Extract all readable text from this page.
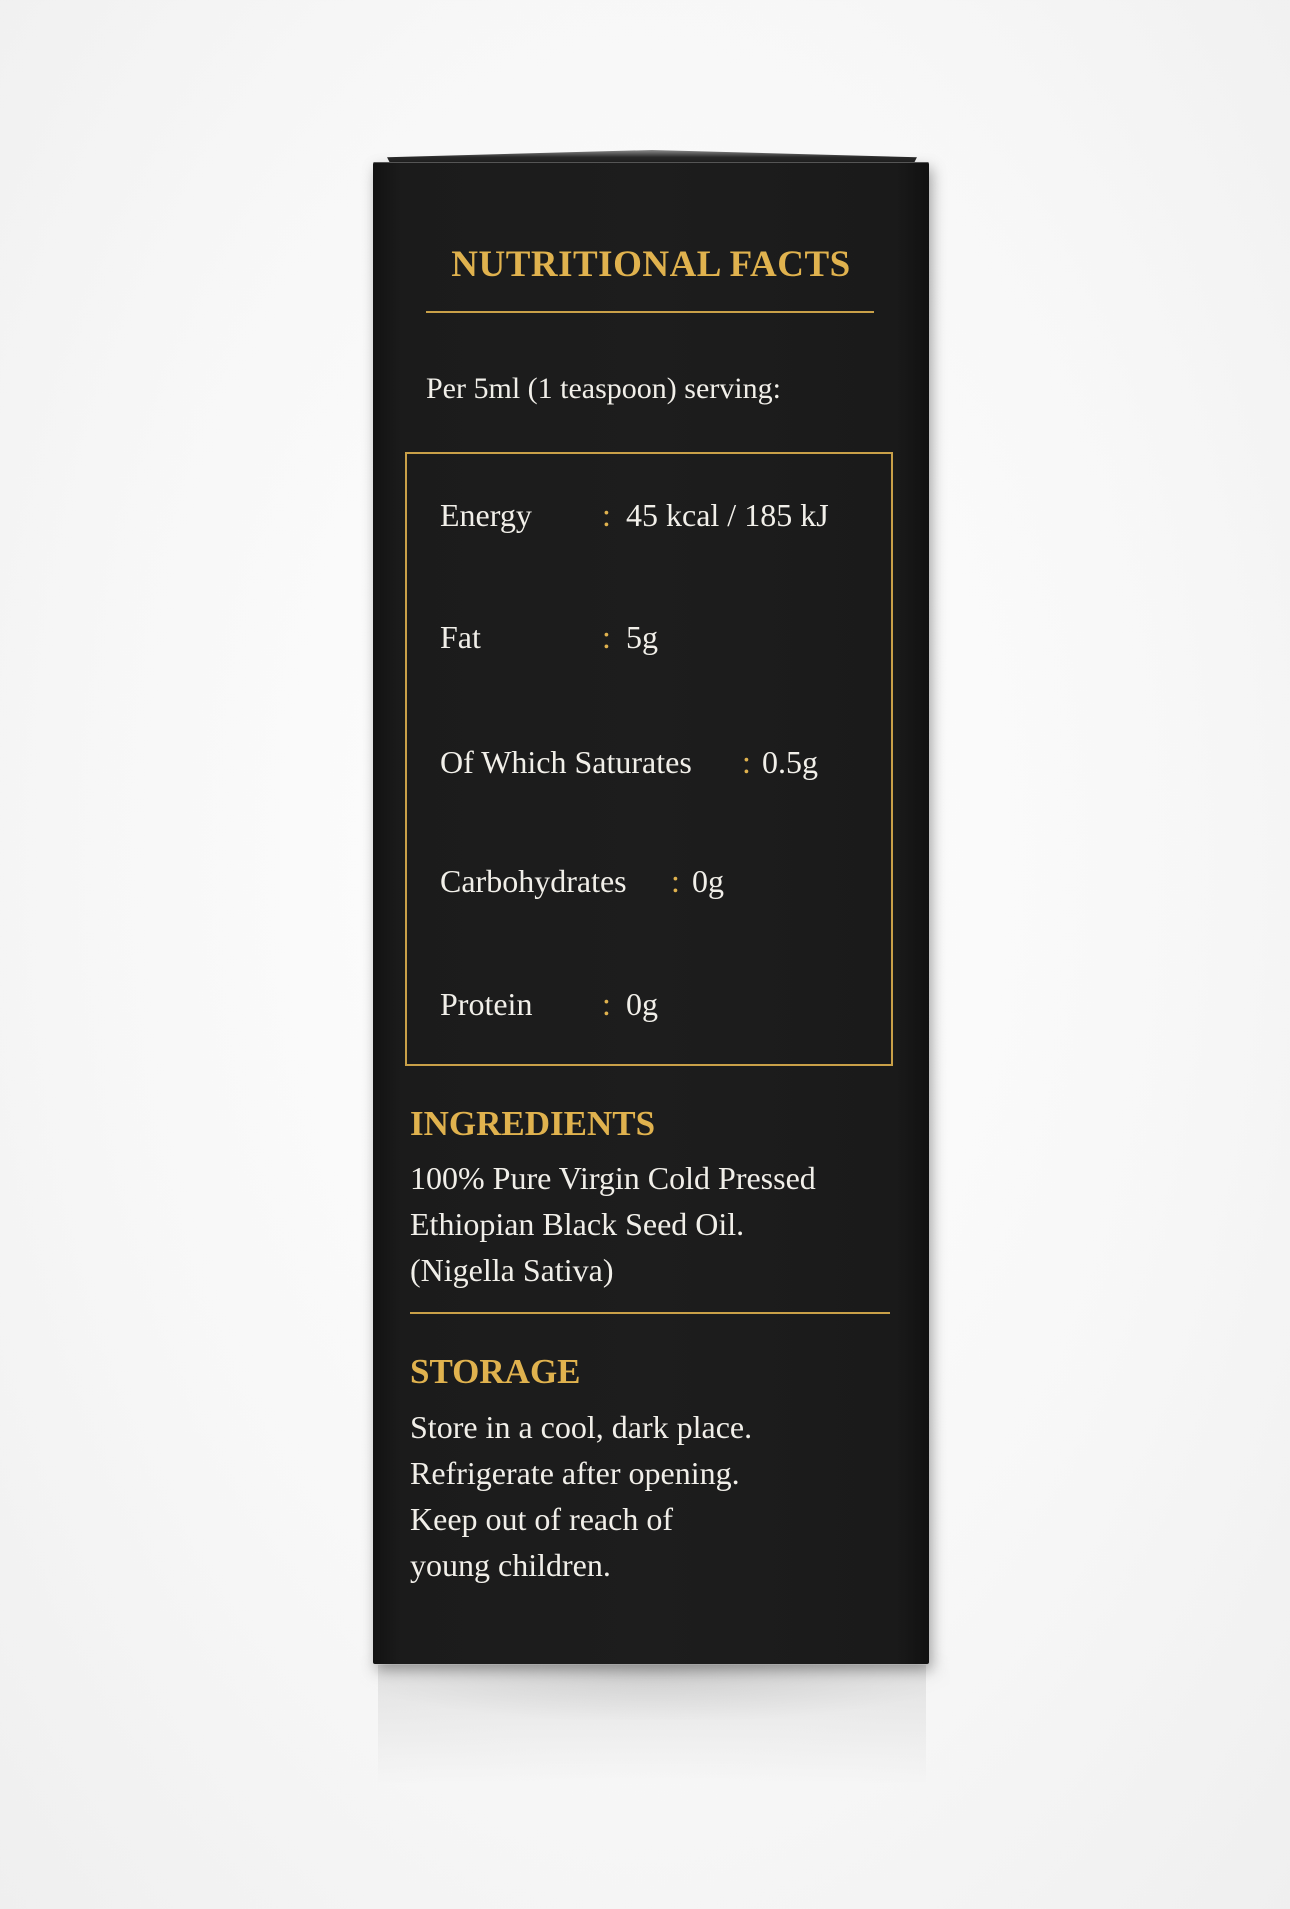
NUTRITIONAL FACTS
Per 5ml (1 teaspoon) serving:
Energy : 45 kcal / 185 kJ
Fat	: 5g
Of Which Saturates : 0.5g
Carbohydrates : 0g
Protein : 0g
INGREDIENTS
100% Pure Virgin Cold Pressed
Ethiopian Black Seed Oil.
(Nigella Sativa)
STORAGE
Store in a cool, dark place.
Refrigerate after opening.
Keep out of reach of
young children.
